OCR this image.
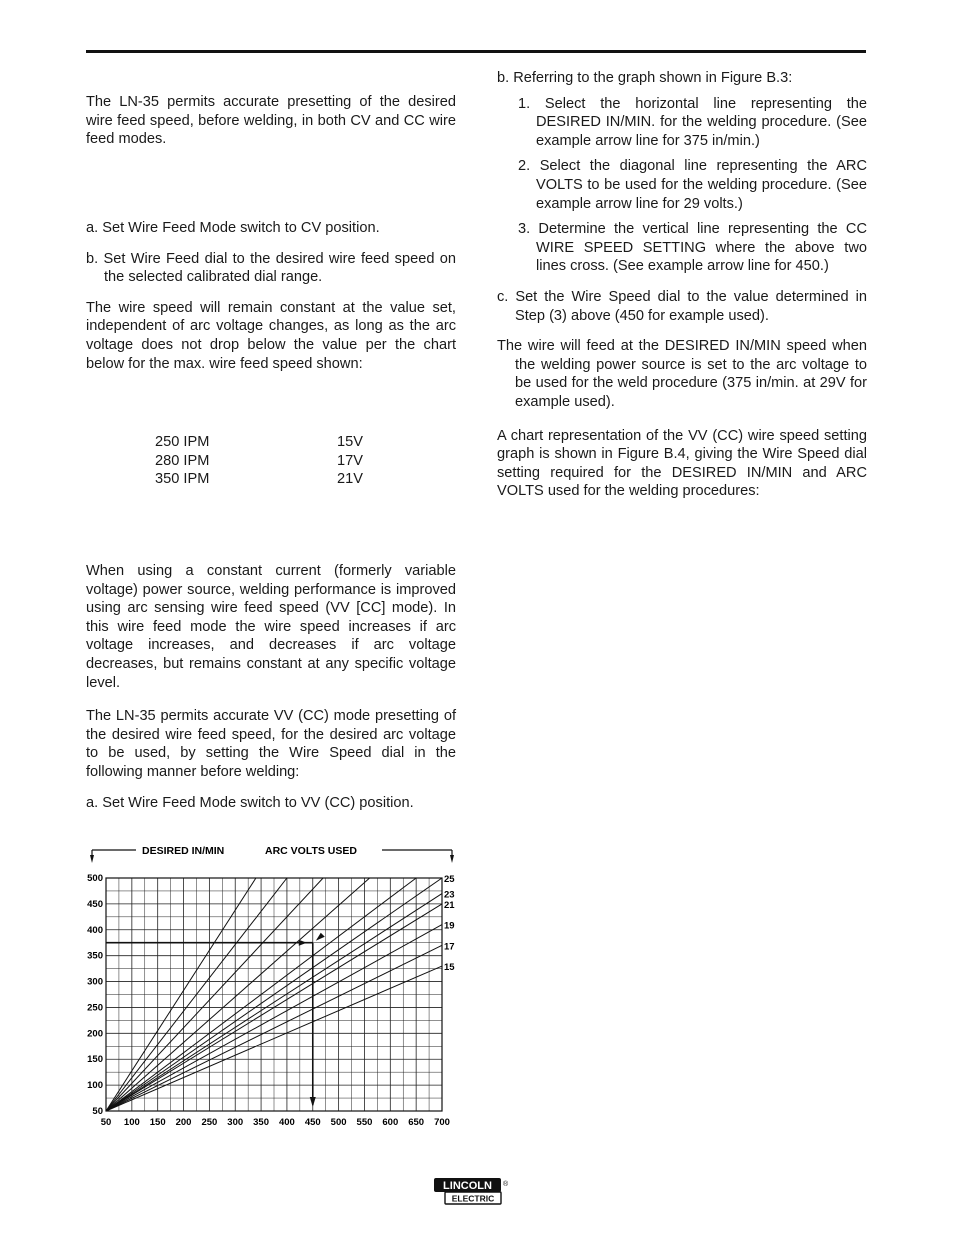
The LN-35 permits accurate presetting of the desired wire feed speed, before welding, in both CV and CC wire feed modes.

a. Set Wire Feed Mode switch to CV position.

b. Set Wire Feed dial to the desired wire feed speed on the selected calibrated dial range.

The wire speed will remain constant at the value set, independent of arc voltage changes, as long as the arc voltage does not drop below the value per the chart below for the max. wire feed speed shown:

250 IPM	15V
280 IPM	17V
350 IPM	21V

When using a constant current (formerly variable voltage) power source, welding performance is improved using arc sensing wire feed speed (VV [CC] mode). In this wire feed mode the wire speed increases if arc voltage increases, and decreases if arc voltage decreases, but remains constant at any specific voltage level.

The LN-35 permits accurate VV (CC) mode presetting of the desired wire feed speed, for the desired arc voltage to be used, by setting the Wire Speed dial in the following manner before welding:

a. Set Wire Feed Mode switch to VV (CC) position.

b. Referring to the graph shown in Figure B.3:

1. Select the horizontal line representing the DESIRED IN/MIN. for the welding procedure. (See example arrow line for 375 in/min.)

2. Select the diagonal line representing the ARC VOLTS to be used for the welding procedure. (See example arrow line for 29 volts.)

3. Determine the vertical line representing the CC WIRE SPEED SETTING where the above two lines cross. (See example arrow line for 450.)

c. Set the Wire Speed dial to the value determined in Step (3) above (450 for example used).

The wire will feed at the DESIRED IN/MIN speed when the welding power source is set to the arc voltage to be used for the weld procedure (375 in/min. at 29V for example used).

A chart representation of the VV (CC) wire speed setting graph is shown in Figure B.4, giving the Wire Speed dial setting required for the DESIRED IN/MIN and ARC VOLTS used for the welding procedures:

15
17
19
21
23
25
50 100 150 200 250 300 350 400 450 500 550 600 650 700
50
100
150
200
250
300
350
400
450
500
DESIRED IN/MIN	ARC VOLTS USED
LINCOLN
ELECTRIC
®
